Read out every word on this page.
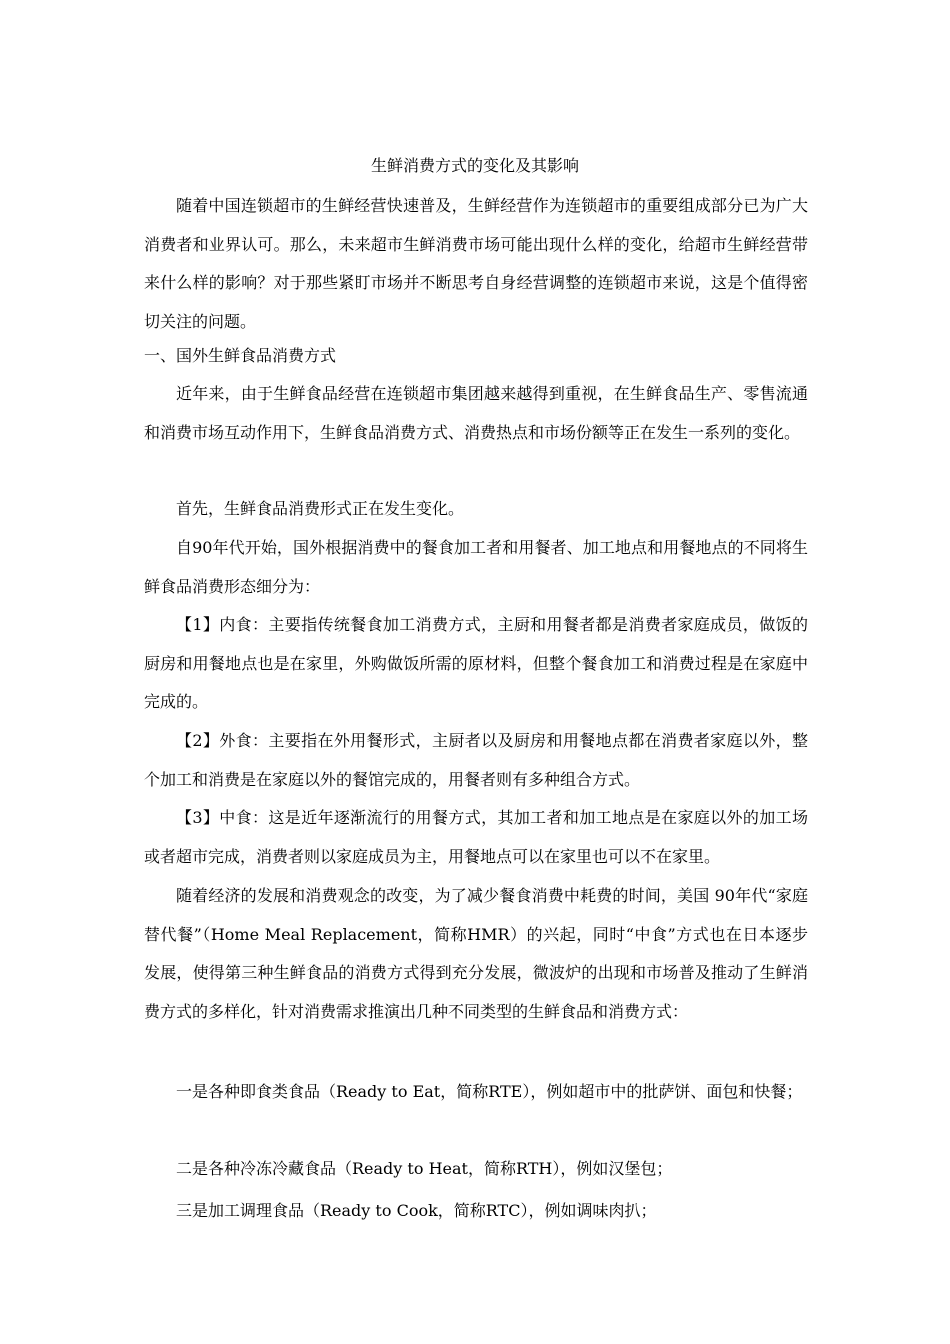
生鲜消费方式的变化及其影响

随着中国连锁超市的生鲜经营快速普及，生鲜经营作为连锁超市的重要组成部分已为广大消费者和业界认可。那么，未来超市生鲜消费市场可能出现什么样的变化，给超市生鲜经营带来什么样的影响？对于那些紧盯市场并不断思考自身经营调整的连锁超市来说，这是个值得密切关注的问题。

一、国外生鲜食品消费方式

近年来，由于生鲜食品经营在连锁超市集团越来越得到重视，在生鲜食品生产、零售流通和消费市场互动作用下，生鲜食品消费方式、消费热点和市场份额等正在发生一系列的变化。

首先，生鲜食品消费形式正在发生变化。

自90年代开始，国外根据消费中的餐食加工者和用餐者、加工地点和用餐地点的不同将生鲜食品消费形态细分为：

【1】内食：主要指传统餐食加工消费方式，主厨和用餐者都是消费者家庭成员，做饭的厨房和用餐地点也是在家里，外购做饭所需的原材料，但整个餐食加工和消费过程是在家庭中完成的。

【2】外食：主要指在外用餐形式，主厨者以及厨房和用餐地点都在消费者家庭以外，整个加工和消费是在家庭以外的餐馆完成的，用餐者则有多种组合方式。

【3】中食：这是近年逐渐流行的用餐方式，其加工者和加工地点是在家庭以外的加工场或者超市完成，消费者则以家庭成员为主，用餐地点可以在家里也可以不在家里。

随着经济的发展和消费观念的改变，为了减少餐食消费中耗费的时间，美国 90年代“家庭替代餐”（Home Meal Replacement，简称HMR）的兴起，同时“中食”方式也在日本逐步发展，使得第三种生鲜食品的消费方式得到充分发展，微波炉的出现和市场普及推动了生鲜消费方式的多样化，针对消费需求推演出几种不同类型的生鲜食品和消费方式：

一是各种即食类食品（Ready to Eat，简称RTE），例如超市中的批萨饼、面包和快餐；

二是各种冷冻冷藏食品（Ready to Heat，简称RTH），例如汉堡包；

三是加工调理食品（Ready to Cook，简称RTC），例如调味肉扒；
